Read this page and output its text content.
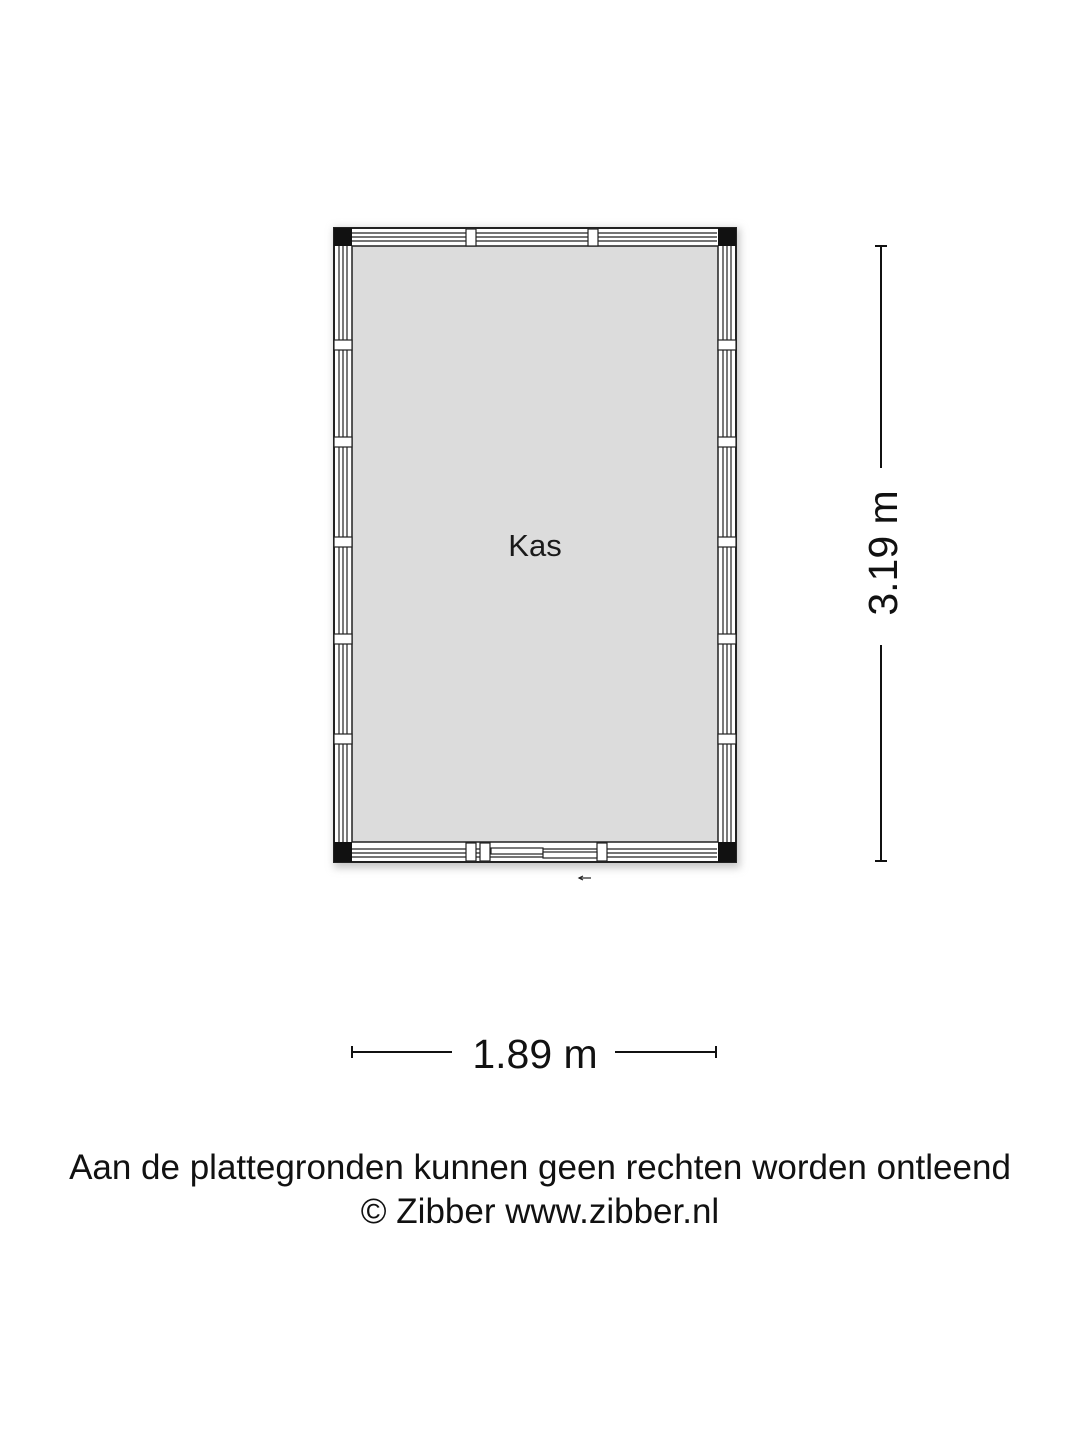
Kas	3.19 m
1.89 m
Aan de plattegronden kunnen geen rechten worden ontleend
© Zibber www.zibber.nl
